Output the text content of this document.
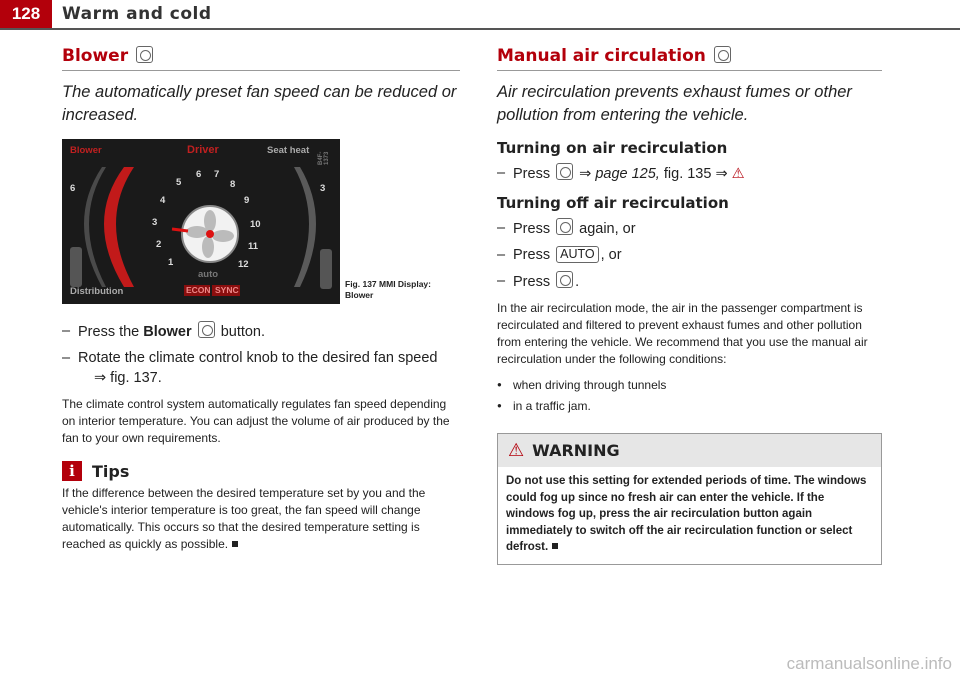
128	Warm and cold
Blower

The automatically preset fan speed can be reduced or increased.

Blower	Driver	Seat heat
6	3
B4F-1373
5
6 7
8
4	9
3	10
2	11
1	12
auto
Distribution	ECON SYNC
Fig. 137 MMI Display: Blower
– Press the Blower button.
– Rotate the climate control knob to the desired fan speed
⇒ fig. 137.

The climate control system automatically regulates fan speed depending on interior temperature. You can adjust the volume of air produced by the fan to your own requirements.

i	Tips

If the difference between the desired temperature set by you and the vehicle's interior temperature is too great, the fan speed will change automatically. This occurs so that the desired temperature setting is reached as quickly as possible.

Manual air circulation

Air recirculation prevents exhaust fumes or other pollution from entering the vehicle.

Turning on air recirculation
– Press ⇒ page 125, fig. 135 ⇒ ⚠
Turning off air recirculation
– Press again, or
– Press AUTO , or
– Press .

In the air recirculation mode, the air in the passenger compartment is recirculated and filtered to prevent exhaust fumes and other pollution from entering the vehicle. We recommend that you use the manual air recirculation under the following conditions:

● when driving through tunnels
● in a traffic jam.
⚠ WARNING
Do not use this setting for extended periods of time. The windows could fog up since no fresh air can enter the vehicle. If the windows fog up, press the air recirculation button again immediately to switch off the air recirculation function or select defrost.
carmanualsonline.info
